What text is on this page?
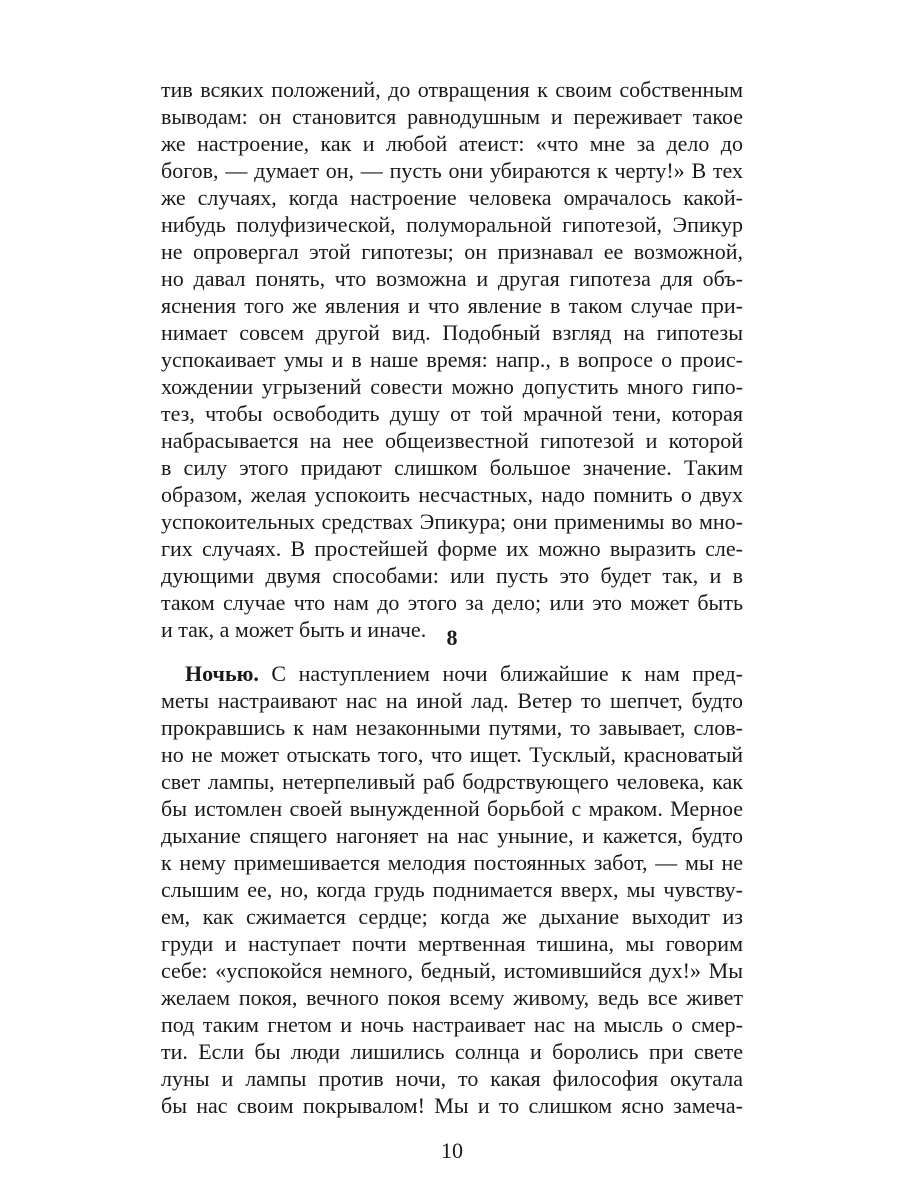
тив всяких положений, до отвращения к своим собственным
выводам: он становится равнодушным и переживает такое
же настроение, как и любой атеист: «что мне за дело до
богов, — думает он, — пусть они убираются к черту!» В тех
же случаях, когда настроение человека омрачалось какой-
нибудь полуфизической, полуморальной гипотезой, Эпикур
не опровергал этой гипотезы; он признавал ее возможной,
но давал понять, что возможна и другая гипотеза для объ-
яснения того же явления и что явление в таком случае при-
нимает совсем другой вид. Подобный взгляд на гипотезы
успокаивает умы и в наше время: напр., в вопросе о проис-
хождении угрызений совести можно допустить много гипо-
тез, чтобы освободить душу от той мрачной тени, которая
набрасывается на нее общеизвестной гипотезой и которой
в силу этого придают слишком большое значение. Таким
образом, желая успокоить несчастных, надо помнить о двух
успокоительных средствах Эпикура; они применимы во мно-
гих случаях. В простейшей форме их можно выразить сле-
дующими двумя способами: или пусть это будет так, и в
таком случае что нам до этого за дело; или это может быть
и так, а может быть и иначе. 8
Ночью. С наступлением ночи ближайшие к нам пред-
меты настраивают нас на иной лад. Ветер то шепчет, будто
прокравшись к нам незаконными путями, то завывает, слов-
но не может отыскать того, что ищет. Тусклый, красноватый
свет лампы, нетерпеливый раб бодрствующего человека, как
бы истомлен своей вынужденной борьбой с мраком. Мерное
дыхание спящего нагоняет на нас уныние, и кажется, будто
к нему примешивается мелодия постоянных забот, — мы не
слышим ее, но, когда грудь поднимается вверх, мы чувству-
ем, как сжимается сердце; когда же дыхание выходит из
груди и наступает почти мертвенная тишина, мы говорим
себе: «успокойся немного, бедный, истомившийся дух!» Мы
желаем покоя, вечного покоя всему живому, ведь все живет
под таким гнетом и ночь настраивает нас на мысль о смер-
ти. Если бы люди лишились солнца и боролись при свете
луны и лампы против ночи, то какая философия окутала
бы нас своим покрывалом! Мы и то слишком ясно замеча-
10
